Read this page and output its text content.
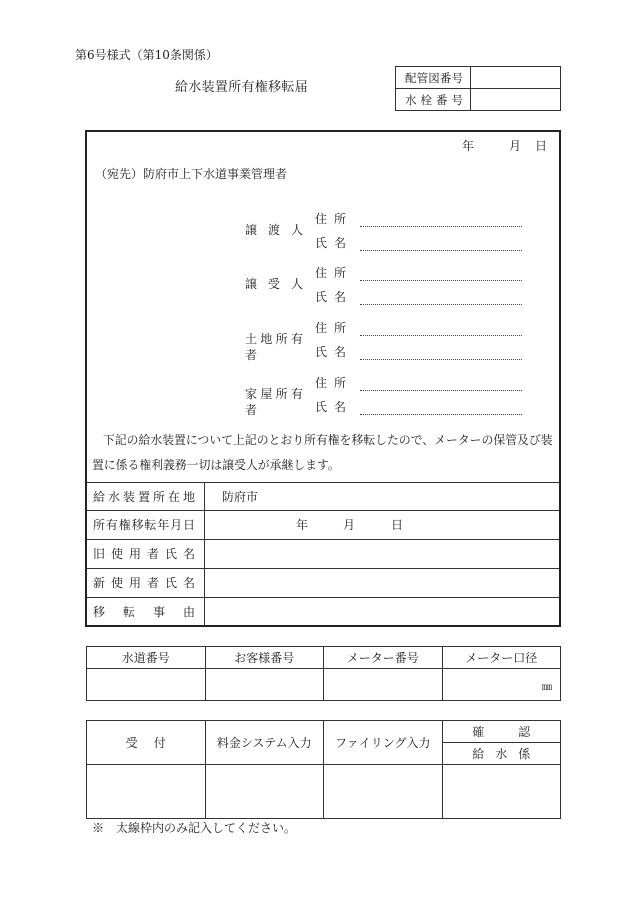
第6号様式（第10条関係）
給水装置所有権移転届
配管図番号	

水栓番号	

年	月 日
（宛先）防府市上下水道事業管理者
譲渡人
住所
氏名
譲受人
住所
氏名
土地所有者
住所
氏名
家屋所有者
住所
氏名
下記の給水装置について上記のとおり所有権を移転したので、メーターの保管及び装
置に係る権利義務一切は譲受人が承継します。
給水装置所在地 防府市
所有権移転年月日	年	月	日
旧使用者氏名
新使用者氏名
移転事由
水道番号	お客様番号	メーター番号	メーター口径
			㎜
受付	料金システム入力	ファイリング入力	確認

			給水係

※　太線枠内のみ記入してください。
